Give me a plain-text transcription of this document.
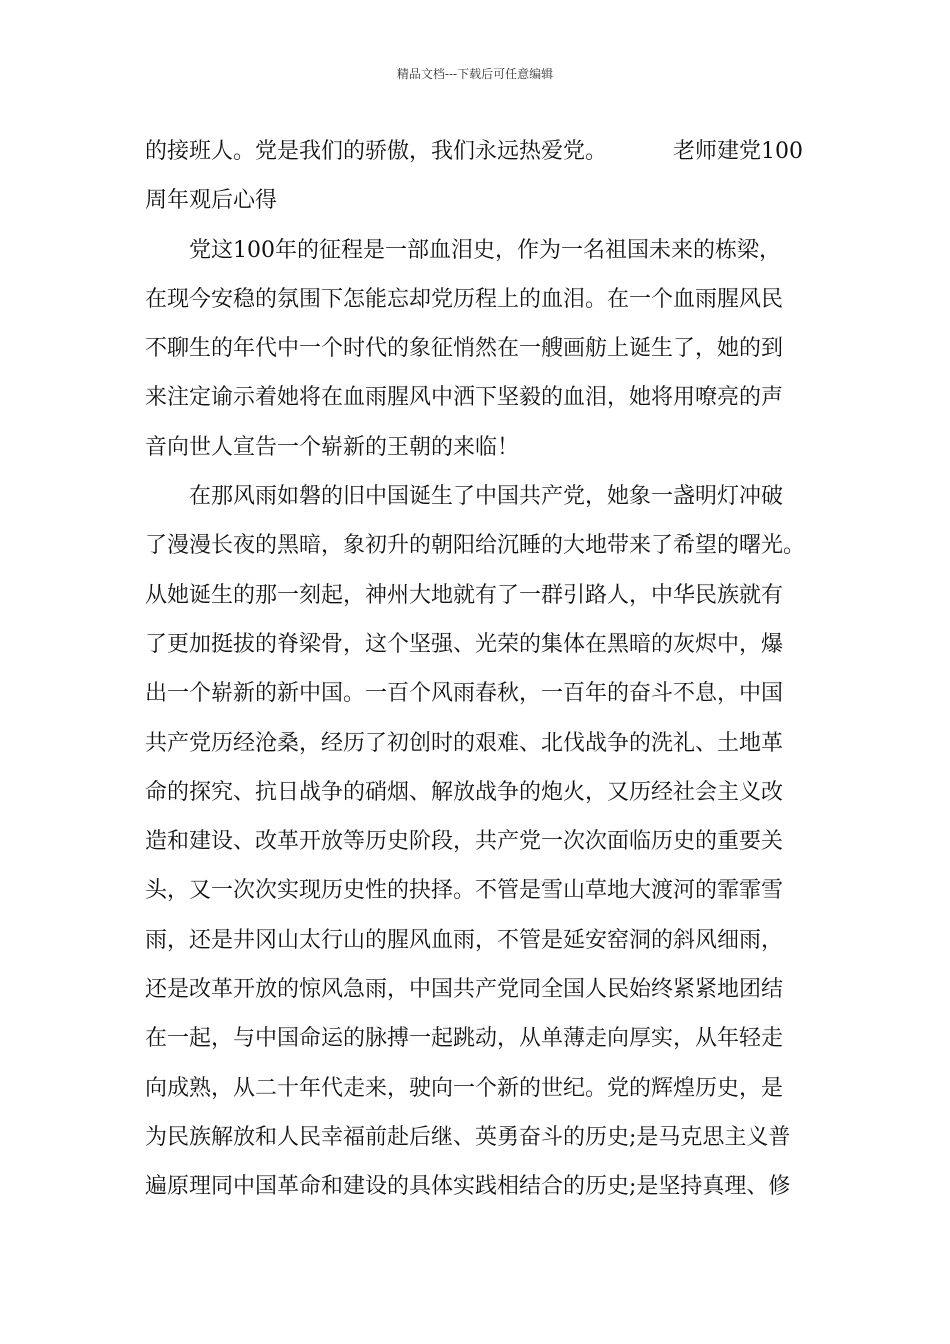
精品文档---下载后可任意编辑
的接班人。党是我们的骄傲，我们永远热爱党。	老师建党100
周年观后心得
党这100年的征程是一部血泪史，作为一名祖国未来的栋梁，
在现今安稳的氛围下怎能忘却党历程上的血泪。在一个血雨腥风民
不聊生的年代中一个时代的象征悄然在一艘画舫上诞生了，她的到
来注定谕示着她将在血雨腥风中洒下坚毅的血泪，她将用嘹亮的声
音向世人宣告一个崭新的王朝的来临！
在那风雨如磐的旧中国诞生了中国共产党，她象一盏明灯冲破
了漫漫长夜的黑暗，象初升的朝阳给沉睡的大地带来了希望的曙光。
从她诞生的那一刻起，神州大地就有了一群引路人，中华民族就有
了更加挺拔的脊梁骨，这个坚强、光荣的集体在黑暗的灰烬中，爆
出一个崭新的新中国。一百个风雨春秋，一百年的奋斗不息，中国
共产党历经沧桑，经历了初创时的艰难、北伐战争的洗礼、土地革
命的探究、抗日战争的硝烟、解放战争的炮火，又历经社会主义改
造和建设、改革开放等历史阶段，共产党一次次面临历史的重要关
头，又一次次实现历史性的抉择。不管是雪山草地大渡河的霏霏雪
雨，还是井冈山太行山的腥风血雨，不管是延安窑洞的斜风细雨，
还是改革开放的惊风急雨，中国共产党同全国人民始终紧紧地团结
在一起，与中国命运的脉搏一起跳动，从单薄走向厚实，从年轻走
向成熟，从二十年代走来，驶向一个新的世纪。党的辉煌历史，是
为民族解放和人民幸福前赴后继、英勇奋斗的历史;是马克思主义普
遍原理同中国革命和建设的具体实践相结合的历史;是坚持真理、修
